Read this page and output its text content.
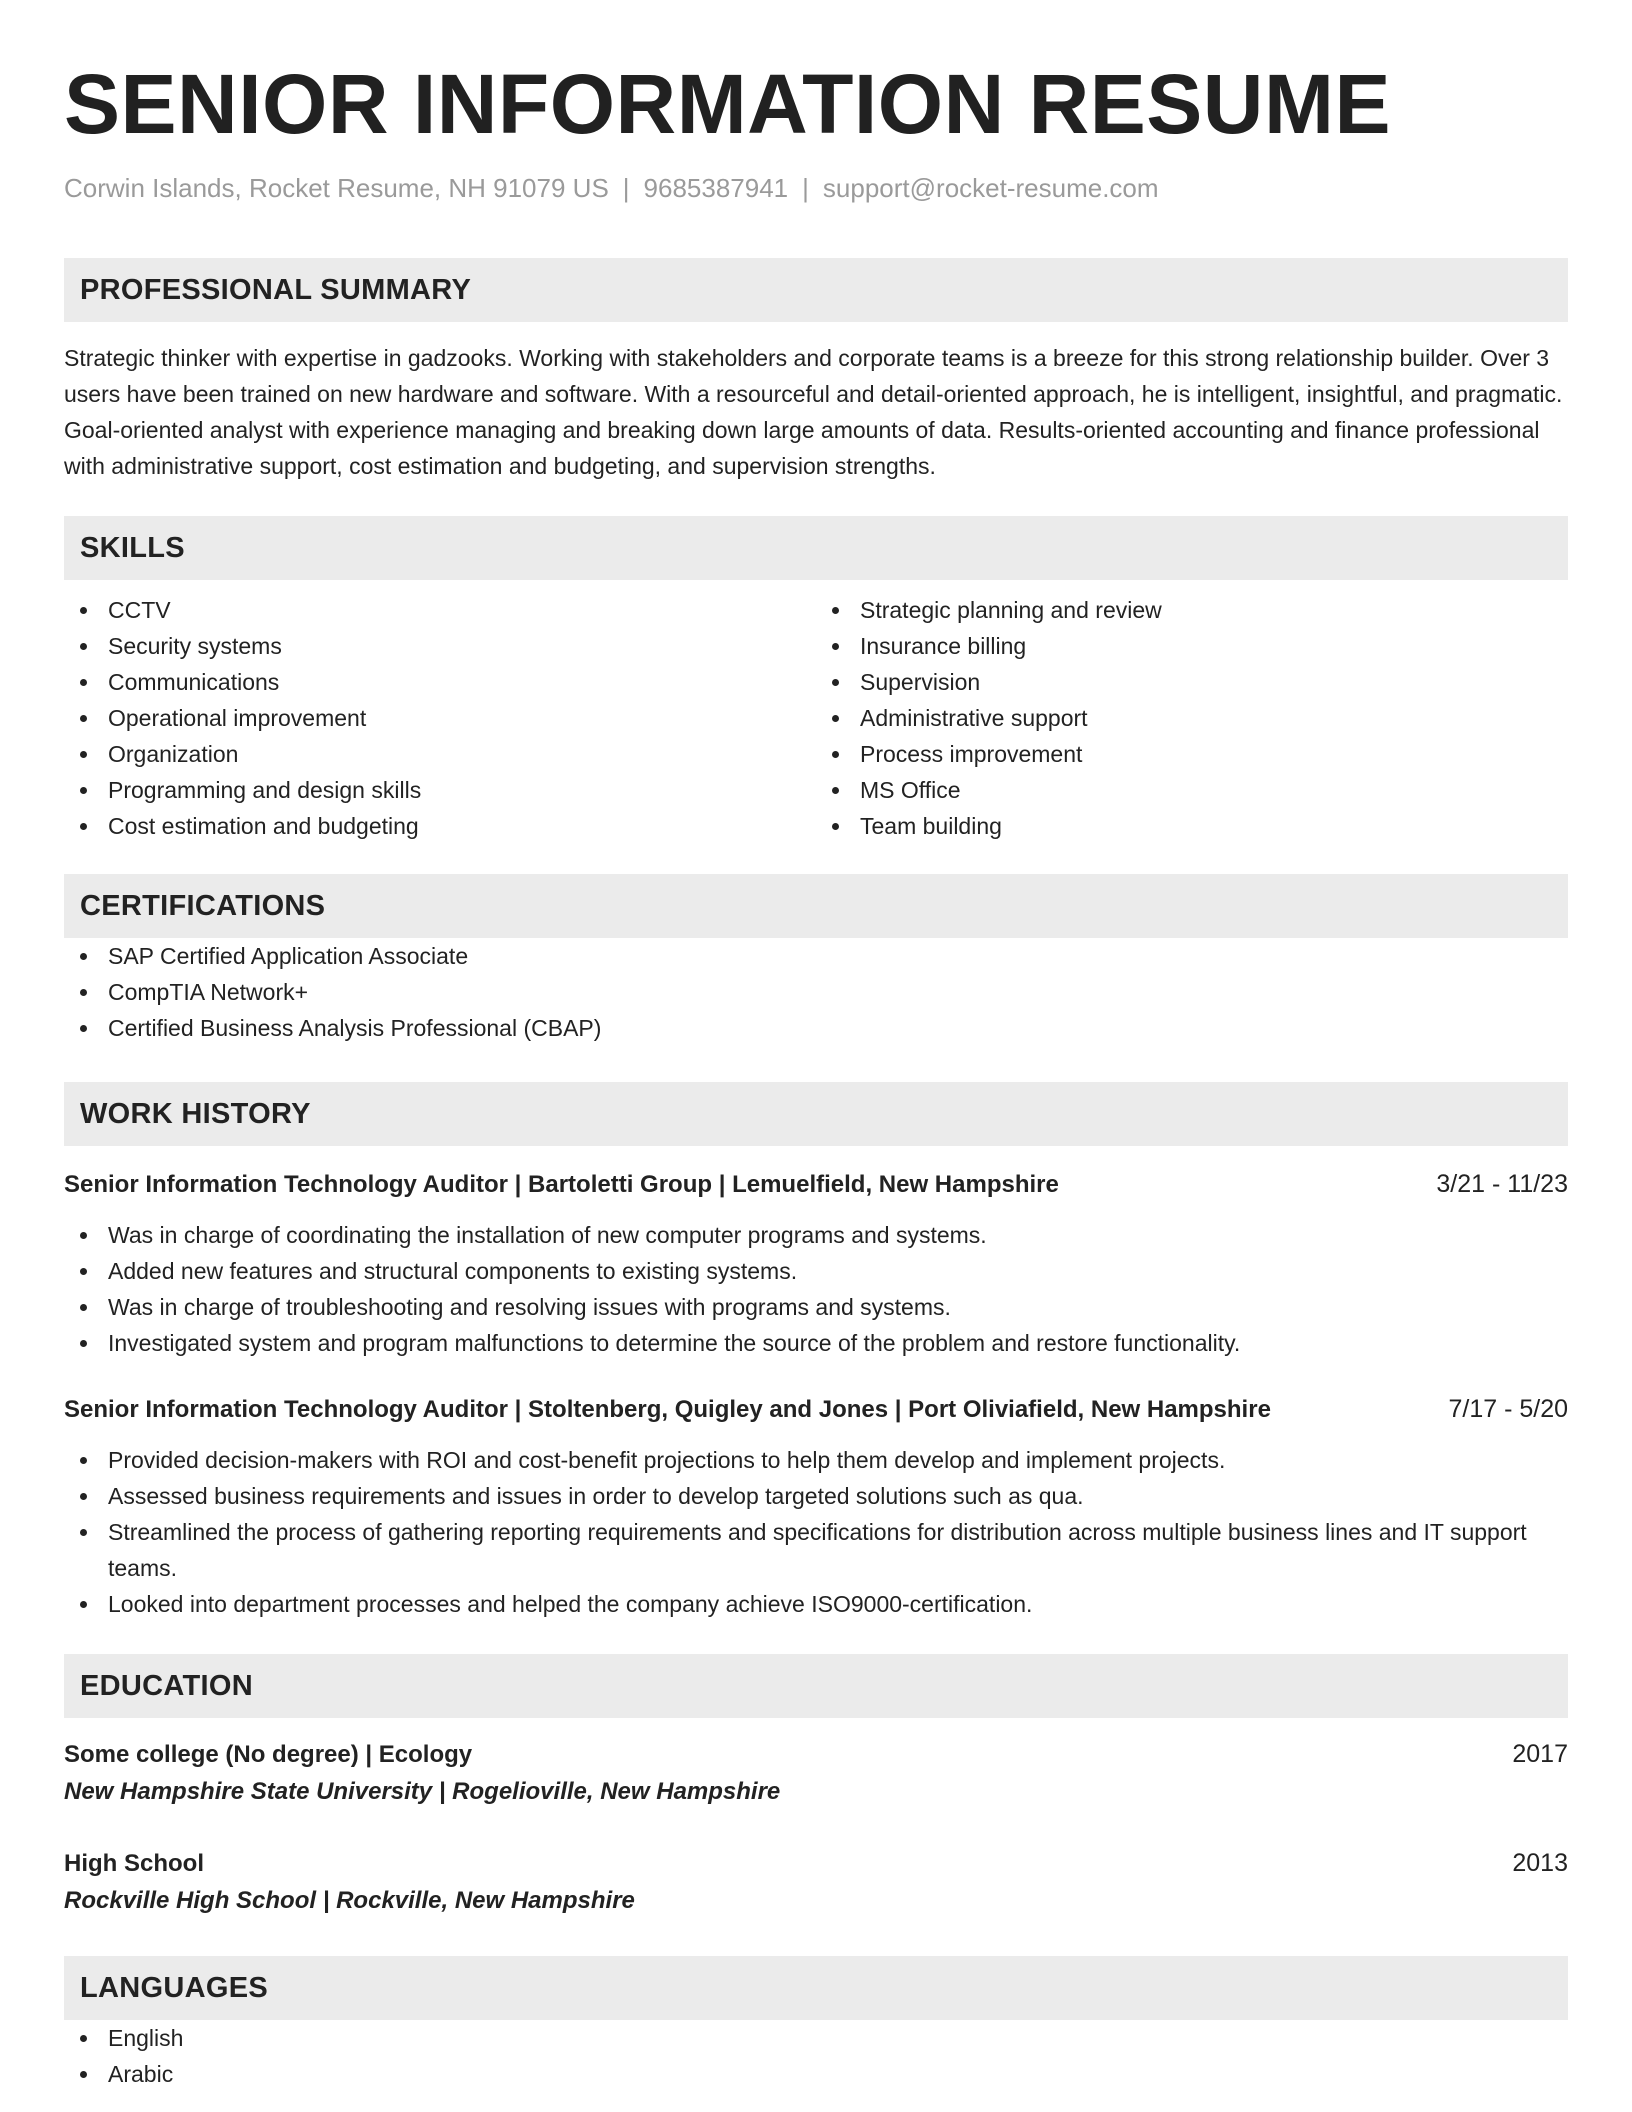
SENIOR INFORMATION RESUME
Corwin Islands, Rocket Resume, NH 91079 US | 9685387941 | support@rocket-resume.com
PROFESSIONAL SUMMARY

Strategic thinker with expertise in gadzooks. Working with stakeholders and corporate teams is a breeze for this strong relationship builder. Over 3 users have been trained on new hardware and software. With a resourceful and detail-oriented approach, he is intelligent, insightful, and pragmatic. Goal-oriented analyst with experience managing and breaking down large amounts of data. Results-oriented accounting and finance professional with administrative support, cost estimation and budgeting, and supervision strengths.

SKILLS
CCTV
Security systems
Communications
Operational improvement
Organization
Programming and design skills
Cost estimation and budgeting
Strategic planning and review
Insurance billing
Supervision
Administrative support
Process improvement
MS Office
Team building
CERTIFICATIONS
SAP Certified Application Associate
CompTIA Network+
Certified Business Analysis Professional (CBAP)
WORK HISTORY
Senior Information Technology Auditor | Bartoletti Group | Lemuelfield, New Hampshire	3/21 - 11/23
Was in charge of coordinating the installation of new computer programs and systems.
Added new features and structural components to existing systems.
Was in charge of troubleshooting and resolving issues with programs and systems.
Investigated system and program malfunctions to determine the source of the problem and restore functionality.
Senior Information Technology Auditor | Stoltenberg, Quigley and Jones | Port Oliviafield, New Hampshire	7/17 - 5/20
Provided decision-makers with ROI and cost-benefit projections to help them develop and implement projects.
Assessed business requirements and issues in order to develop targeted solutions such as qua.
Streamlined the process of gathering reporting requirements and specifications for distribution across multiple business lines and IT support teams.
Looked into department processes and helped the company achieve ISO9000-certification.
EDUCATION
Some college (No degree) | Ecology	2017
New Hampshire State University | Rogelioville, New Hampshire
High School	2013
Rockville High School | Rockville, New Hampshire
LANGUAGES
English
Arabic
